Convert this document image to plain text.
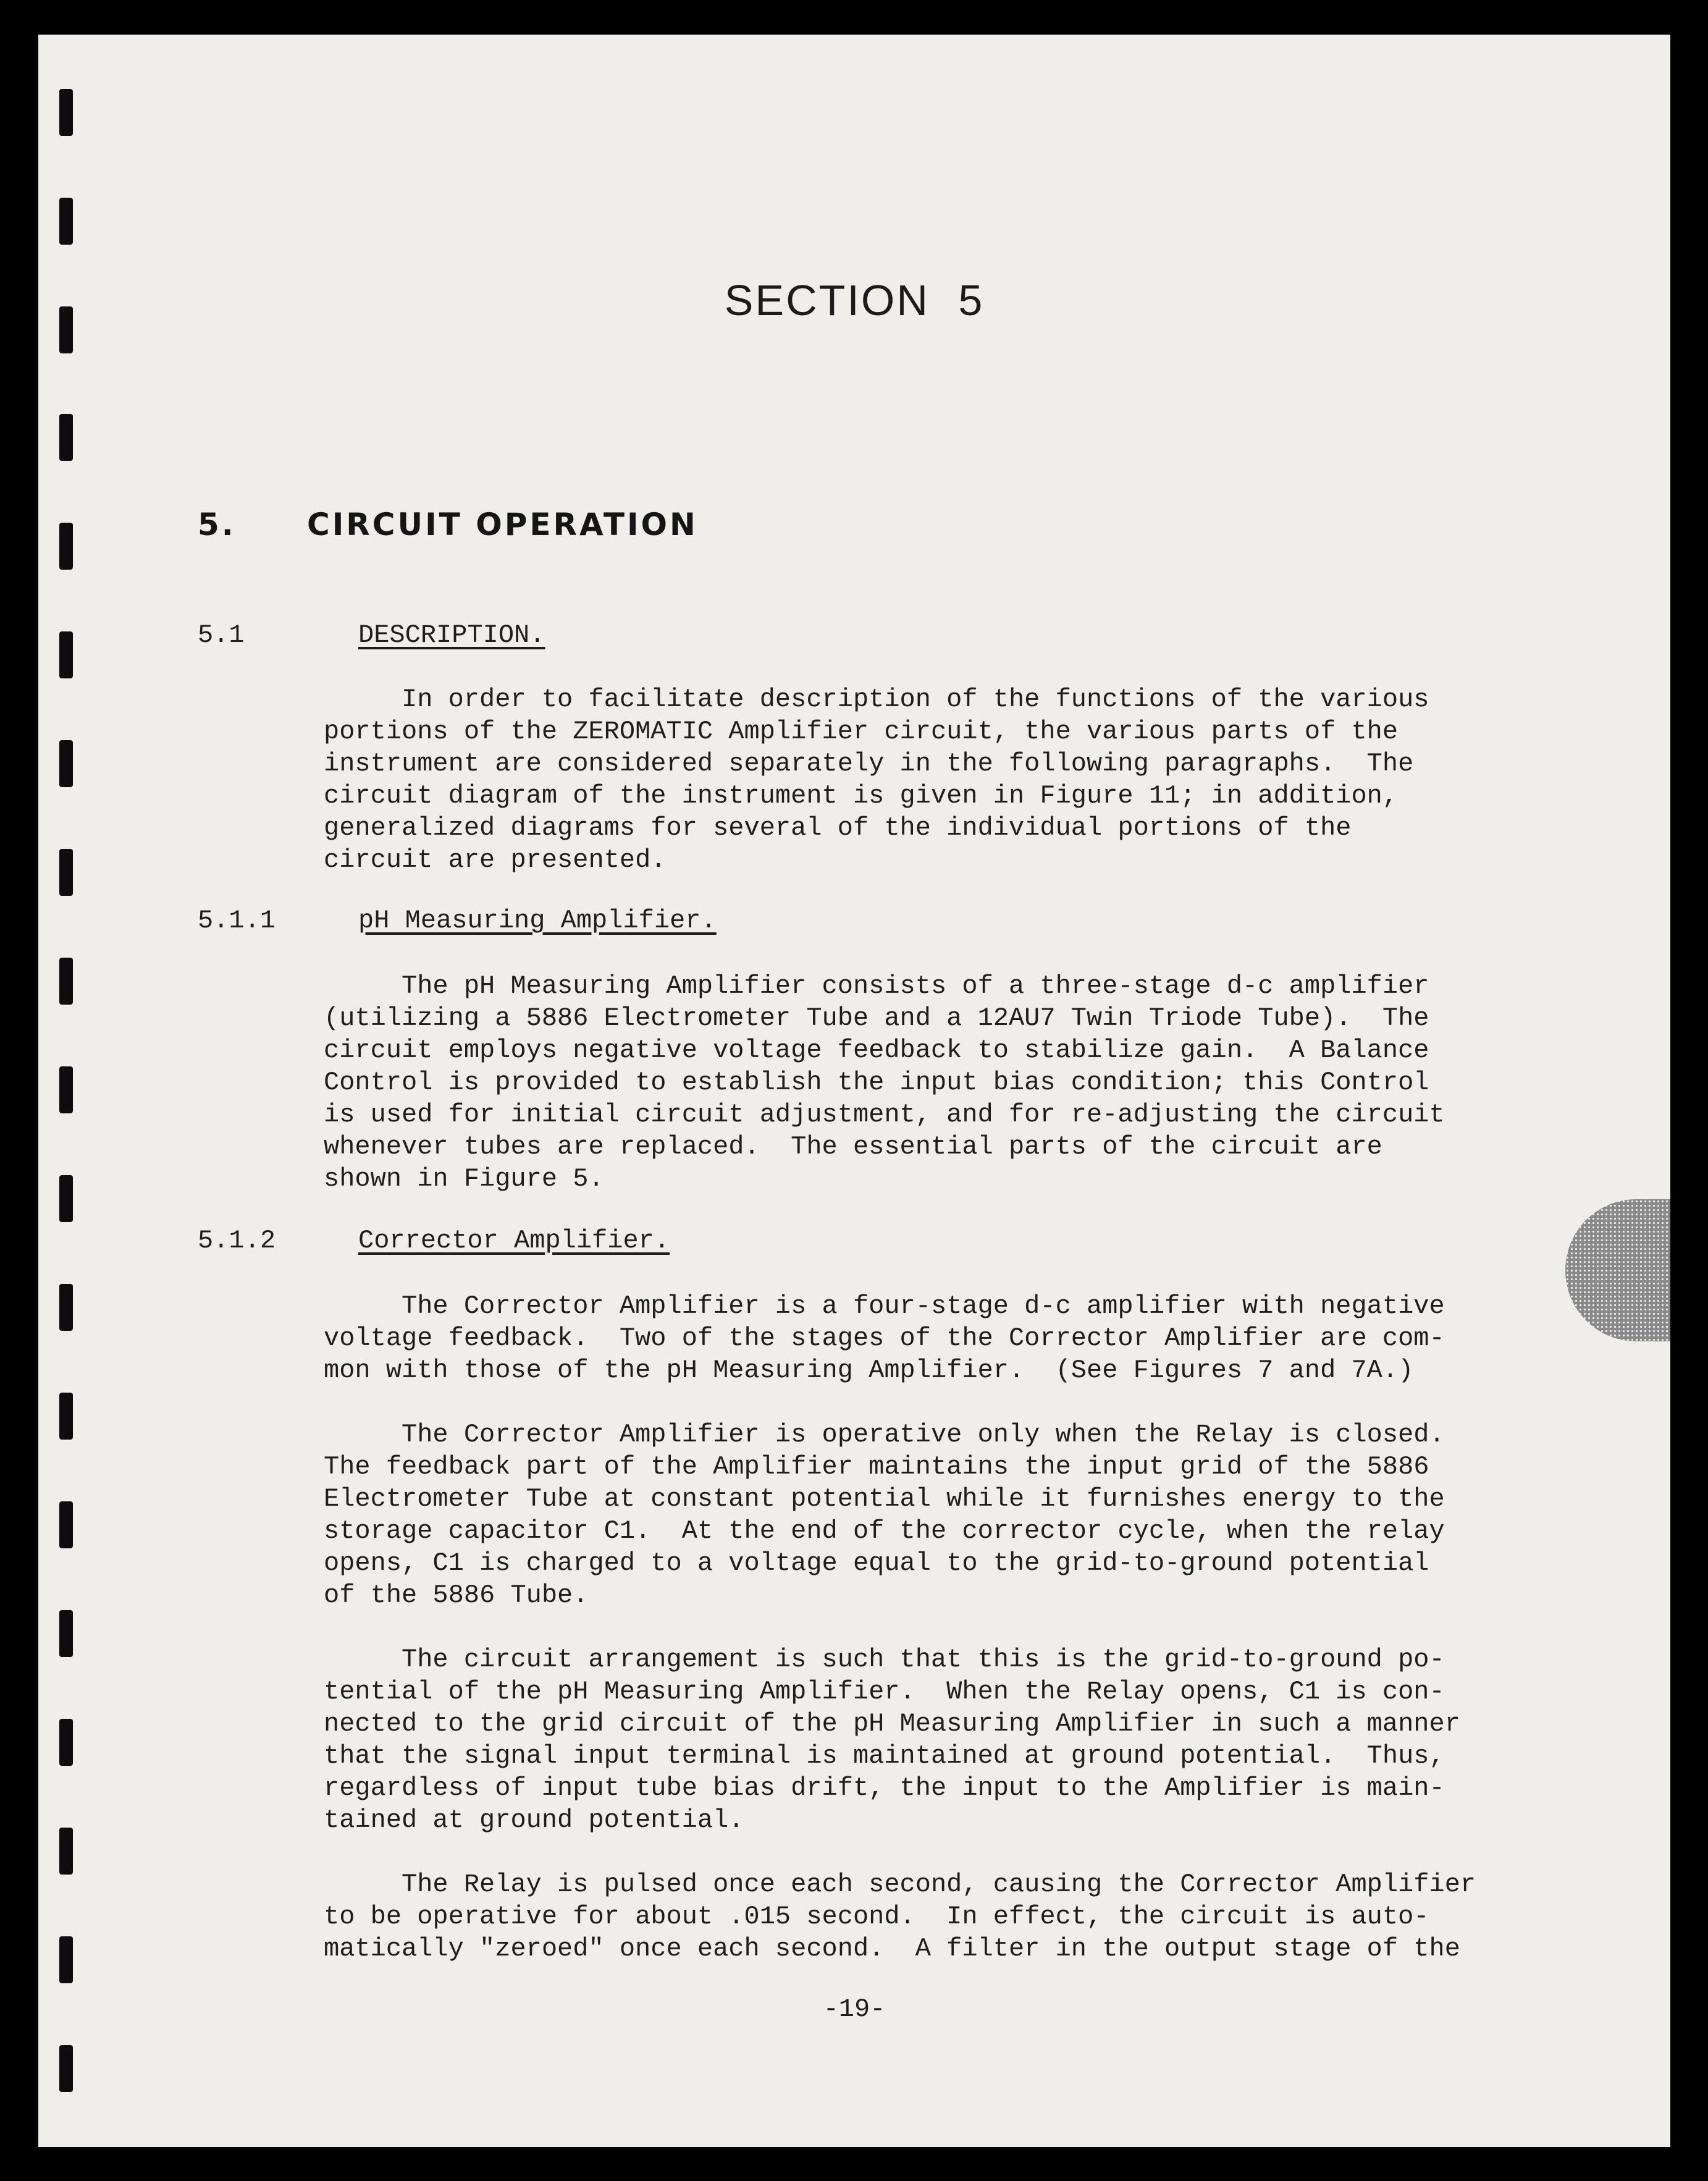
SECTION 5
5. CIRCUIT OPERATION
5.1	DESCRIPTION.
In order to facilitate description of the functions of the various
portions of the ZEROMATIC Amplifier circuit, the various parts of the
instrument are considered separately in the following paragraphs.  The
circuit diagram of the instrument is given in Figure 11; in addition,
generalized diagrams for several of the individual portions of the
circuit are presented.
5.1.1	pH Measuring Amplifier.
The pH Measuring Amplifier consists of a three-stage d-c amplifier
(utilizing a 5886 Electrometer Tube and a 12AU7 Twin Triode Tube).  The
circuit employs negative voltage feedback to stabilize gain.  A Balance
Control is provided to establish the input bias condition; this Control
is used for initial circuit adjustment, and for re-adjusting the circuit
whenever tubes are replaced.  The essential parts of the circuit are
shown in Figure 5.
5.1.2	Corrector Amplifier.
The Corrector Amplifier is a four-stage d-c amplifier with negative
voltage feedback.  Two of the stages of the Corrector Amplifier are com-
mon with those of the pH Measuring Amplifier.  (See Figures 7 and 7A.)
The Corrector Amplifier is operative only when the Relay is closed.
The feedback part of the Amplifier maintains the input grid of the 5886
Electrometer Tube at constant potential while it furnishes energy to the
storage capacitor C1.  At the end of the corrector cycle, when the relay
opens, C1 is charged to a voltage equal to the grid-to-ground potential
of the 5886 Tube.
The circuit arrangement is such that this is the grid-to-ground po-
tential of the pH Measuring Amplifier.  When the Relay opens, C1 is con-
nected to the grid circuit of the pH Measuring Amplifier in such a manner
that the signal input terminal is maintained at ground potential.  Thus,
regardless of input tube bias drift, the input to the Amplifier is main-
tained at ground potential.
The Relay is pulsed once each second, causing the Corrector Amplifier
to be operative for about .015 second.  In effect, the circuit is auto-
matically "zeroed" once each second.  A filter in the output stage of the
-19-
